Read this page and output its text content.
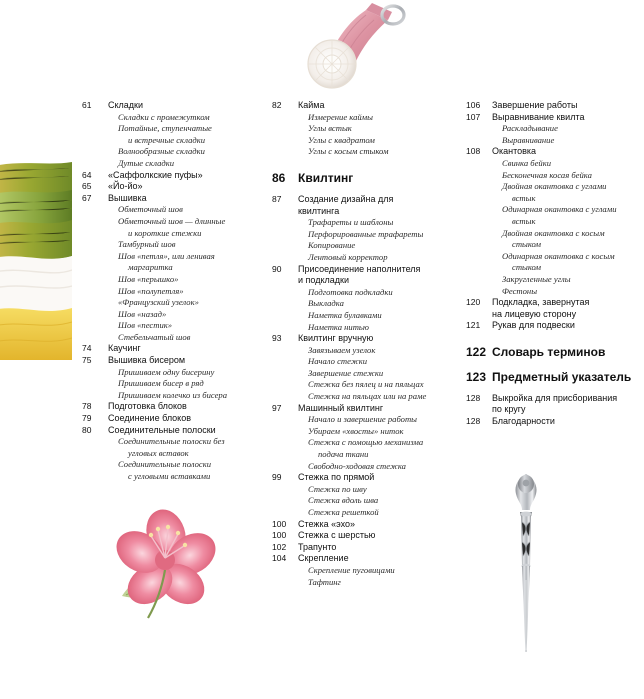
61	Складки
Складки с промежутком
Потайные, ступенчатые
и встречные складки
Волнообразные складки
Дутые складки
64	«Саффолкские пуфы»
65	«Йо-йо»
67	Вышивка
Обметочный шов
Обметочный шов — длинные
и короткие стежки
Тамбурный шов
Шов «петля», или ленивая
маргаритка
Шов «перышко»
Шов «полупетля»
«Французский узелок»
Шов «назад»
Шов «пестик»
Стебельчатый шов
74	Каучинг
75	Вышивка бисером
Пришиваем одну бисерину
Пришиваем бисер в ряд
Пришиваем колечко из бисера
78	Подготовка блоков
79	Соединение блоков
80	Соединительные полоски
Соединительные полоски без
угловых вставок
Соединительные полоски
с угловыми вставками
82	Кайма
Измерение каймы
Углы встык
Углы с квадратом
Углы с косым стыком
86	Квилтинг
87	Создание дизайна для
квилтинга
Трафареты и шаблоны
Перфорированные трафареты
Копирование
Лентовый корректор
90	Присоединение наполнителя
и подкладки
Подготовка подкладки
Выкладка
Наметка булавками
Наметка нитью
93	Квилтинг вручную
Завязываем узелок
Начало стежки
Завершение стежки
Стежка без пялец и на пяльцах
Стежка на пяльцах или на раме
97	Машинный квилтинг
Начало и завершение работы
Убираем «хвосты» ниток
Стежка с помощью механизма
подача ткани
Свободно-ходовая стежка
99	Стежка по прямой
Стежка по шву
Стежка вдоль шва
Стежка решеткой
100	Стежка «эхо»
100	Стежка с шерстью
102	Трапунто
104	Скрепление
Скрепление пуговицами
Тафтинг
106	Завершение работы
107	Выравнивание квилта
Раскладывание
Выравнивание
108	Окантовка
Свинка бейки
Бесконечная косая бейка
Двойная окантовка с углами
встык
Одинарная окантовка с углами
встык
Двойная окантовка с косым
стыком
Одинарная окантовка с косым
стыком
Закругленные углы
Фестоны
120	Подкладка, завернутая
на лицевую сторону
121	Рукав для подвески
122 Словарь терминов
123 Предметный указатель
128	Выкройка для присборивания
по кругу
128	Благодарности
